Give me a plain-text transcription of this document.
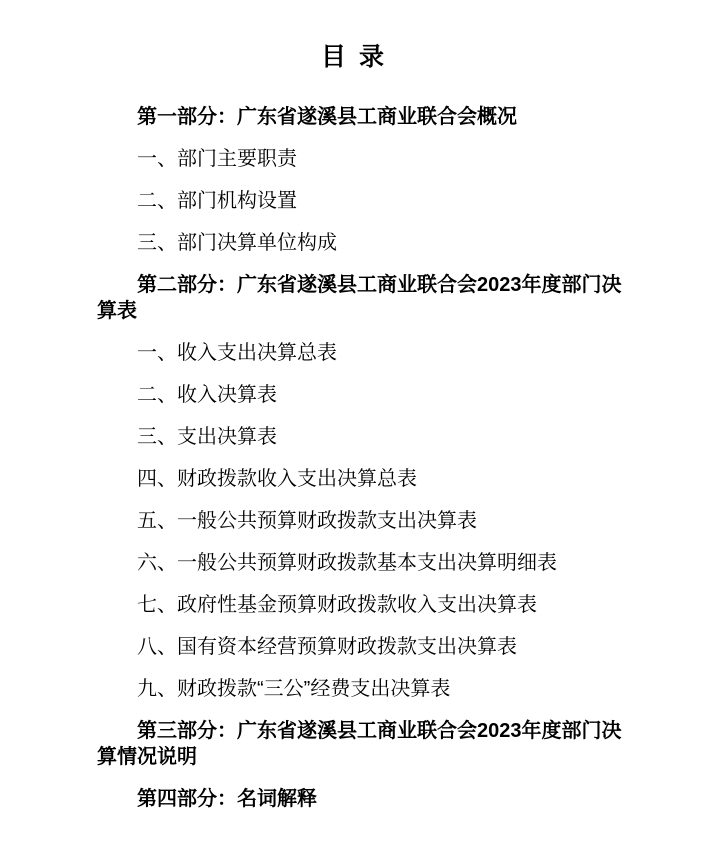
目 录

第一部分：广东省遂溪县工商业联合会概况

一、部门主要职责

二、部门机构设置

三、部门决算单位构成

第二部分：广东省遂溪县工商业联合会2023年度部门决算表

一、收入支出决算总表

二、收入决算表

三、支出决算表

四、财政拨款收入支出决算总表

五、一般公共预算财政拨款支出决算表

六、一般公共预算财政拨款基本支出决算明细表

七、政府性基金预算财政拨款收入支出决算表

八、国有资本经营预算财政拨款支出决算表

九、财政拨款“三公”经费支出决算表

第三部分：广东省遂溪县工商业联合会2023年度部门决算情况说明

第四部分：名词解释
